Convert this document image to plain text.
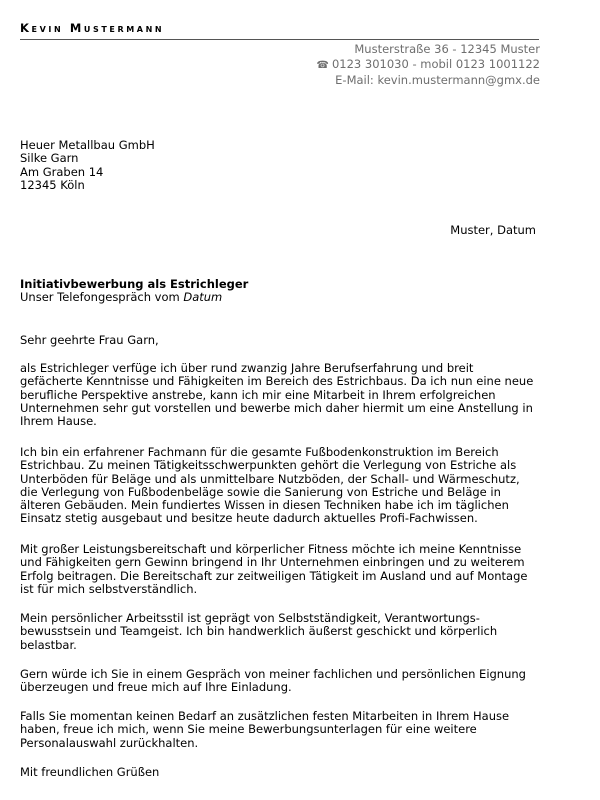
Kevin Mustermann
Musterstraße 36 - 12345 Muster
☎ 0123 301030 - mobil 0123 1001122
E-Mail: kevin.mustermann@gmx.de
Heuer Metallbau GmbH
Silke Garn
Am Graben 14
12345 Köln
Muster, Datum
Initiativbewerbung als Estrichleger
Unser Telefongespräch vom Datum
Sehr geehrte Frau Garn,
als Estrichleger verfüge ich über rund zwanzig Jahre Berufserfahrung und breit
gefächerte Kenntnisse und Fähigkeiten im Bereich des Estrichbaus. Da ich nun eine neue
berufliche Perspektive anstrebe, kann ich mir eine Mitarbeit in Ihrem erfolgreichen
Unternehmen sehr gut vorstellen und bewerbe mich daher hiermit um eine Anstellung in
Ihrem Hause.
Ich bin ein erfahrener Fachmann für die gesamte Fußbodenkonstruktion im Bereich
Estrichbau. Zu meinen Tätigkeitsschwerpunkten gehört die Verlegung von Estriche als
Unterböden für Beläge und als unmittelbare Nutzböden, der Schall- und Wärmeschutz,
die Verlegung von Fußbodenbeläge sowie die Sanierung von Estriche und Beläge in
älteren Gebäuden. Mein fundiertes Wissen in diesen Techniken habe ich im täglichen
Einsatz stetig ausgebaut und besitze heute dadurch aktuelles Profi-Fachwissen.
Mit großer Leistungsbereitschaft und körperlicher Fitness möchte ich meine Kenntnisse
und Fähigkeiten gern Gewinn bringend in Ihr Unternehmen einbringen und zu weiterem
Erfolg beitragen. Die Bereitschaft zur zeitweiligen Tätigkeit im Ausland und auf Montage
ist für mich selbstverständlich.
Mein persönlicher Arbeitsstil ist geprägt von Selbstständigkeit, Verantwortungs-
bewusstsein und Teamgeist. Ich bin handwerklich äußerst geschickt und körperlich
belastbar.
Gern würde ich Sie in einem Gespräch von meiner fachlichen und persönlichen Eignung
überzeugen und freue mich auf Ihre Einladung.
Falls Sie momentan keinen Bedarf an zusätzlichen festen Mitarbeiten in Ihrem Hause
haben, freue ich mich, wenn Sie meine Bewerbungsunterlagen für eine weitere
Personalauswahl zurückhalten.
Mit freundlichen Grüßen
